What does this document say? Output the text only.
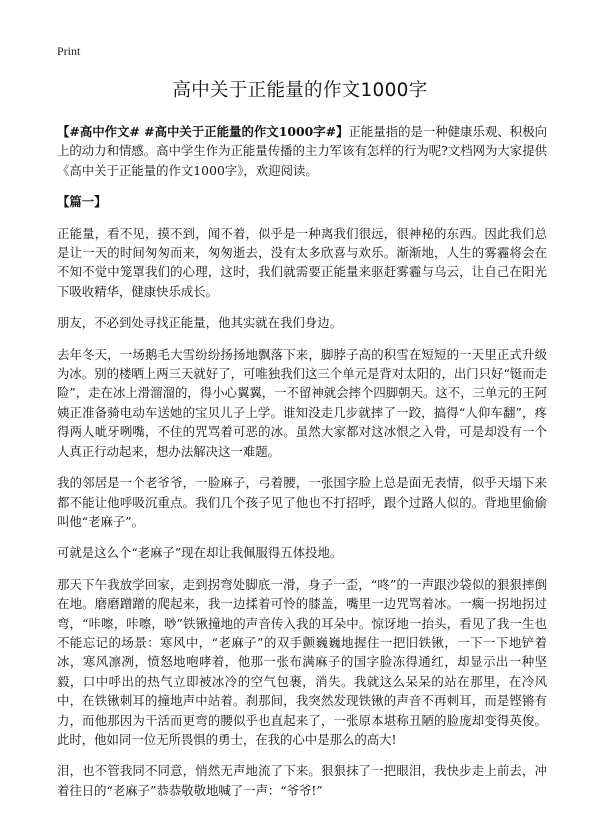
Print
高中关于正能量的作文1000字

【#高中作文# #高中关于正能量的作文1000字#】正能量指的是一种健康乐观、积极向上的动力和情感。高中学生作为正能量传播的主力军该有怎样的行为呢?文档网为大家提供《高中关于正能量的作文1000字》，欢迎阅读。

【篇一】

正能量，看不见，摸不到，闻不着，似乎是一种离我们很远，很神秘的东西。因此我们总是让一天的时间匆匆而来，匆匆逝去，没有太多欣喜与欢乐。渐渐地，人生的雾霾将会在不知不觉中笼罩我们的心理，这时，我们就需要正能量来驱赶雾霾与乌云，让自己在阳光下吸收精华，健康快乐成长。

朋友，不必到处寻找正能量，他其实就在我们身边。

去年冬天，一场鹅毛大雪纷纷扬扬地飘落下来，脚脖子高的积雪在短短的一天里正式升级为冰。别的楼晒上两三天就好了，可唯独我们这三个单元是背对太阳的，出门只好“铤而走险”，走在冰上滑溜溜的，得小心翼翼，一不留神就会摔个四脚朝天。这不，三单元的王阿姨正准备骑电动车送她的宝贝儿子上学。谁知没走几步就摔了一跤，搞得“人仰车翻”，疼得两人呲牙咧嘴，不住的咒骂着可恶的冰。虽然大家都对这冰恨之入骨，可是却没有一个人真正行动起来，想办法解决这一难题。

我的邻居是一个老爷爷，一脸麻子，弓着腰，一张国字脸上总是面无表情，似乎天塌下来都不能让他呼吸沉重点。我们几个孩子见了他也不打招呼，跟个过路人似的。背地里偷偷叫他“老麻子”。

可就是这么个“老麻子”现在却让我佩服得五体投地。

那天下午我放学回家，走到拐弯处脚底一滑，身子一歪，“咚”的一声跟沙袋似的狠狠摔倒在地。磨磨蹭蹭的爬起来，我一边揉着可怜的膝盖，嘴里一边咒骂着冰。一瘸一拐地拐过弯，“咔嚓，咔嚓，唦”铁锹撞地的声音传入我的耳朵中。惊讶地一抬头，看见了我一生也不能忘记的场景：寒风中，“老麻子”的双手颤巍巍地握住一把旧铁锹，一下一下地铲着冰，寒风凛冽，愤怒地咆哮着，他那一张布满麻子的国字脸冻得通红，却显示出一种坚毅，口中呼出的热气立即被冰冷的空气包裹，消失。我就这么呆呆的站在那里，在冷风中，在铁锹刺耳的撞地声中站着。刹那间，我突然发现铁锹的声音不再刺耳，而是铿锵有力，而他那因为干活而更弯的腰似乎也直起来了，一张原本堪称丑陋的脸庞却变得英俊。此时，他如同一位无所畏惧的勇士，在我的心中是那么的高大!

泪，也不管我同不同意，悄然无声地流了下来。狠狠抹了一把眼泪，我快步走上前去，冲着往日的“老麻子”恭恭敬敬地喊了一声：“爷爷!”
